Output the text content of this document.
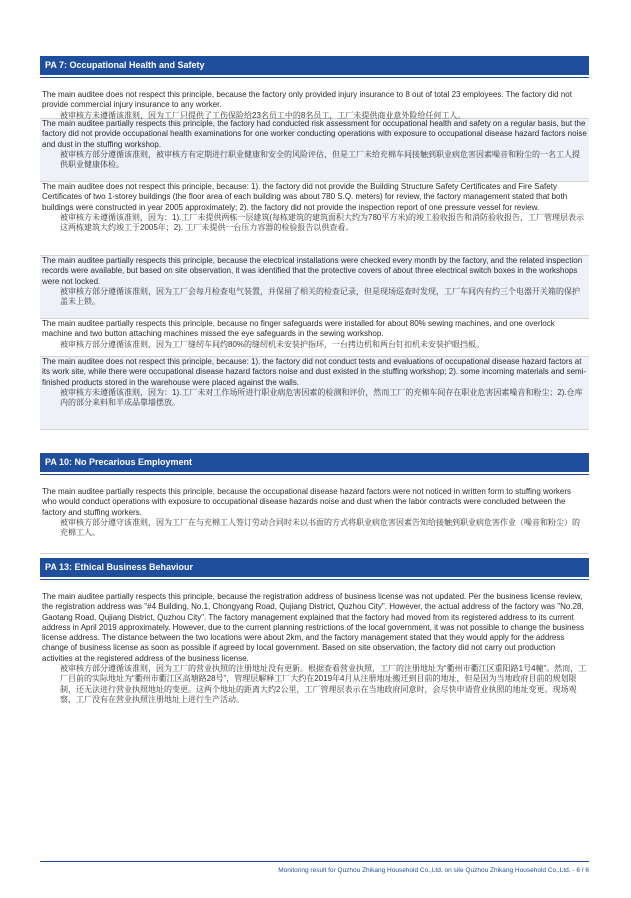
PA 7: Occupational Health and Safety
The main auditee does not respect this principle, because the factory only provided injury insurance to 8 out of total 23 employees. The factory did not provide commercial injury insurance to any worker.
被审核方未遵循该准则，因为工厂只提供了工伤保险给23名员工中的8名员工，工厂未提供商业意外险给任何工人。
The main auditee partially respects this principle, the factory had conducted risk assessment for occupational health and safety on a regular basis, but the factory did not provide occupational health examinations for one worker conducting operations with exposure to occupational disease hazard factors noise and dust in the stuffing workshop.
被审核方部分遵循该准则，被审核方有定期进行职业健康和安全的风险评估，但是工厂未给充棉车间接触到职业病危害因素噪音和粉尘的一名工人提供职业健康体检。
The main auditee does not respect this principle, because: 1). the factory did not provide the Building Structure Safety Certificates and Fire Safety Certificates of two 1-storey buildings (the floor area of each building was about 780 S.Q. meters) for review, the factory management stated that both buildings were constructed in year 2005 approximately; 2). the factory did not provide the inspection report of one pressure vessel for review.
被审核方未遵循该准则，因为：1).工厂未提供两栋一层建筑(每栋建筑的建筑面积大约为780平方米)的竣工验收报告和消防验收报告，工厂管理层表示这两栋建筑大约竣工于2005年；2). 工厂未提供一台压力容器的检验报告以供查看。
The main auditee partially respects this principle, because the electrical installations were checked every month by the factory, and the related inspection records were available, but based on site observation, it was identified that the protective covers of about three electrical switch boxes in the workshops were not locked.
被审核方部分遵循该准则，因为工厂会每月检查电气装置，并保留了相关的检查记录，但是现场巡查时发现，工厂车间内有约三个电器开关箱的保护盖未上锁。
The main auditee partially respects this principle, because no finger safeguards were installed for about 80% sewing machines, and one overlock machine and two button attaching machines missed the eye safeguards in the sewing workshop.
被审核方部分遵循该准则，因为工厂缝纫车间约80%的缝纫机未安装护指环，一台拷边机和两台钉扣机未安装护眼挡板。
The main auditee does not respect this principle, because: 1). the factory did not conduct tests and evaluations of occupational disease hazard factors at its work site, while there were occupational disease hazard factors noise and dust existed in the stuffing workshop; 2). some incoming materials and semi-finished products stored in the warehouse were placed against the walls.
被审核方未遵循该准则，因为：1).工厂未对工作场所进行职业病危害因素的检测和评价，然而工厂的充棉车间存在职业危害因素噪音和粉尘；2).仓库内的部分来料和半成品靠墙摆放。
PA 10: No Precarious Employment
The main auditee partially respects this principle, because the occupational disease hazard factors were not noticed in written form to stuffing workers who would conduct operations with exposure to occupational disease hazards noise and dust when the labor contracts were concluded between the factory and stuffing workers.
被审核方部分遵守该准则，因为工厂在与充棉工人签订劳动合同时未以书面的方式将职业病危害因素告知给接触到职业病危害作业（噪音和粉尘）的充棉工人。
PA 13: Ethical Business Behaviour
The main auditee partially respects this principle, because the registration address of business license was not updated. Per the business license review, the registration address was "#4 Building, No.1, Chongyang Road, Qujiang District, Quzhou City". However, the actual address of the factory was "No.28, Gaotang Road, Qujiang District, Quzhou City". The factory management explained that the factory had moved from its registered address to its current address in April 2019 approximately. However, due to the current planning restrictions of the local government, it was not possible to change the business license address. The distance between the two locations were about 2km, and the factory management stated that they would apply for the address change of business license as soon as possible if agreed by local government. Based on site observation, the factory did not carry out production activities at the registered address of the business license.
被审核方部分遵循该准则，因为工厂的营业执照的注册地址没有更新。根据查看营业执照，工厂的注册地址为“衢州市衢江区重阳路1号4幢”。然而，工厂目前的实际地址为“衢州市衢江区高塘路28号”，管理层解释工厂大约在2019年4月从注册地址搬迁到目前的地址，但是因为当地政府目前的规划限制，还无法进行营业执照地址的变更。这两个地址的距离大约2公里，工厂管理层表示在当地政府同意时，会尽快申请营业执照的地址变更。现场观察，工厂没有在营业执照注册地址上进行生产活动。
Monitoring result for Quzhou Zhikang Household Co.,Ltd. on site Quzhou Zhikang Household Co.,Ltd. - 6 / 6
